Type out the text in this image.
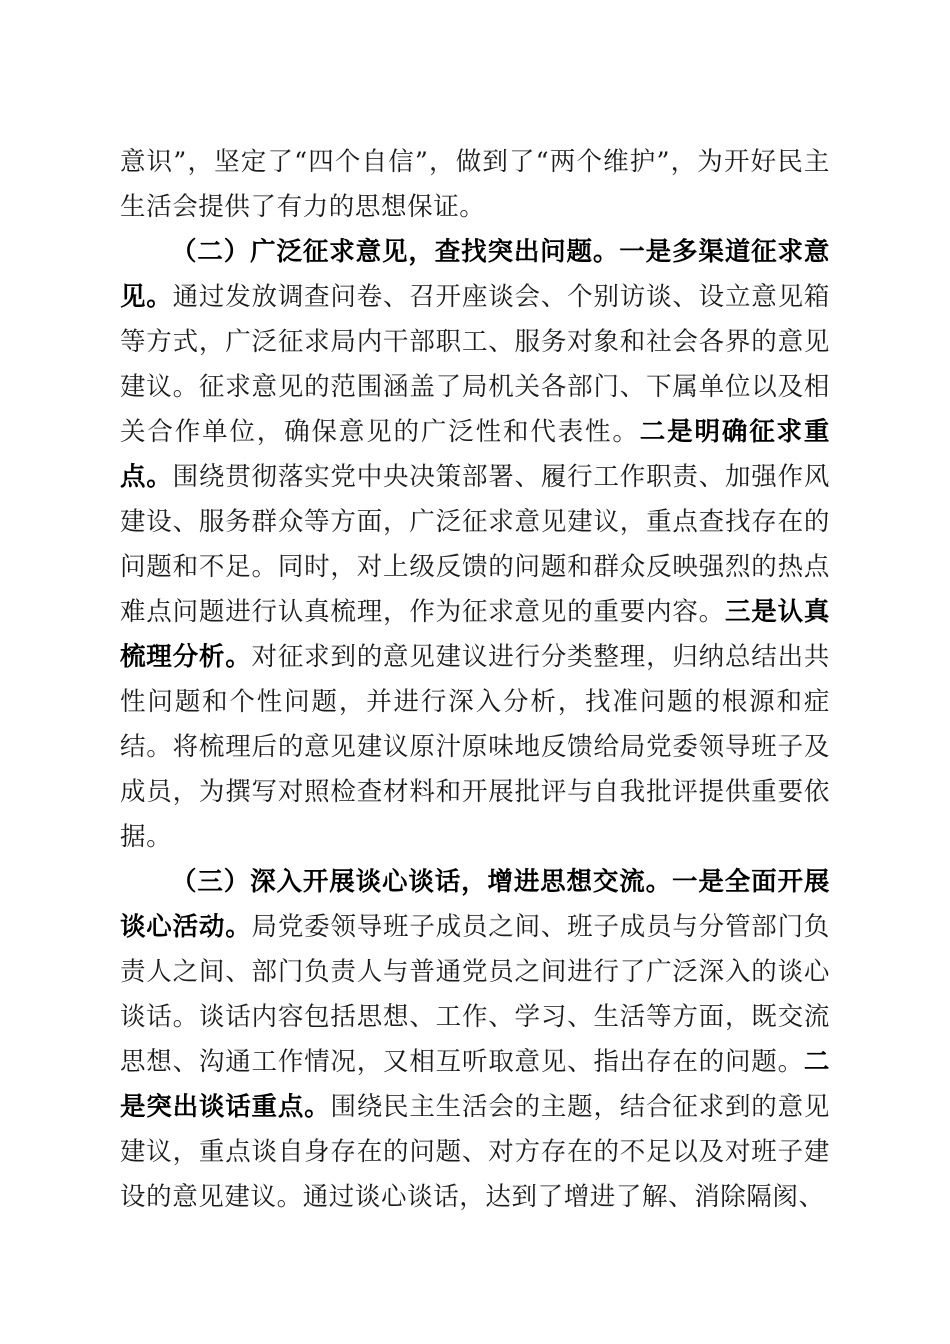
意识”，坚定了“四个自信”，做到了“两个维护”，为开好民主生活会提供了有力的思想保证。

（二）广泛征求意见，查找突出问题。一是多渠道征求意见。通过发放调查问卷、召开座谈会、个别访谈、设立意见箱等方式，广泛征求局内干部职工、服务对象和社会各界的意见建议。征求意见的范围涵盖了局机关各部门、下属单位以及相关合作单位，确保意见的广泛性和代表性。二是明确征求重点。围绕贯彻落实党中央决策部署、履行工作职责、加强作风建设、服务群众等方面，广泛征求意见建议，重点查找存在的问题和不足。同时，对上级反馈的问题和群众反映强烈的热点难点问题进行认真梳理，作为征求意见的重要内容。三是认真梳理分析。对征求到的意见建议进行分类整理，归纳总结出共性问题和个性问题，并进行深入分析，找准问题的根源和症结。将梳理后的意见建议原汁原味地反馈给局党委领导班子及成员，为撰写对照检查材料和开展批评与自我批评提供重要依据。

（三）深入开展谈心谈话，增进思想交流。一是全面开展谈心活动。局党委领导班子成员之间、班子成员与分管部门负责人之间、部门负责人与普通党员之间进行了广泛深入的谈心谈话。谈话内容包括思想、工作、学习、生活等方面，既交流思想、沟通工作情况，又相互听取意见、指出存在的问题。二是突出谈话重点。围绕民主生活会的主题，结合征求到的意见建议，重点谈自身存在的问题、对方存在的不足以及对班子建设的意见建议。通过谈心谈话，达到了增进了解、消除隔阂、
